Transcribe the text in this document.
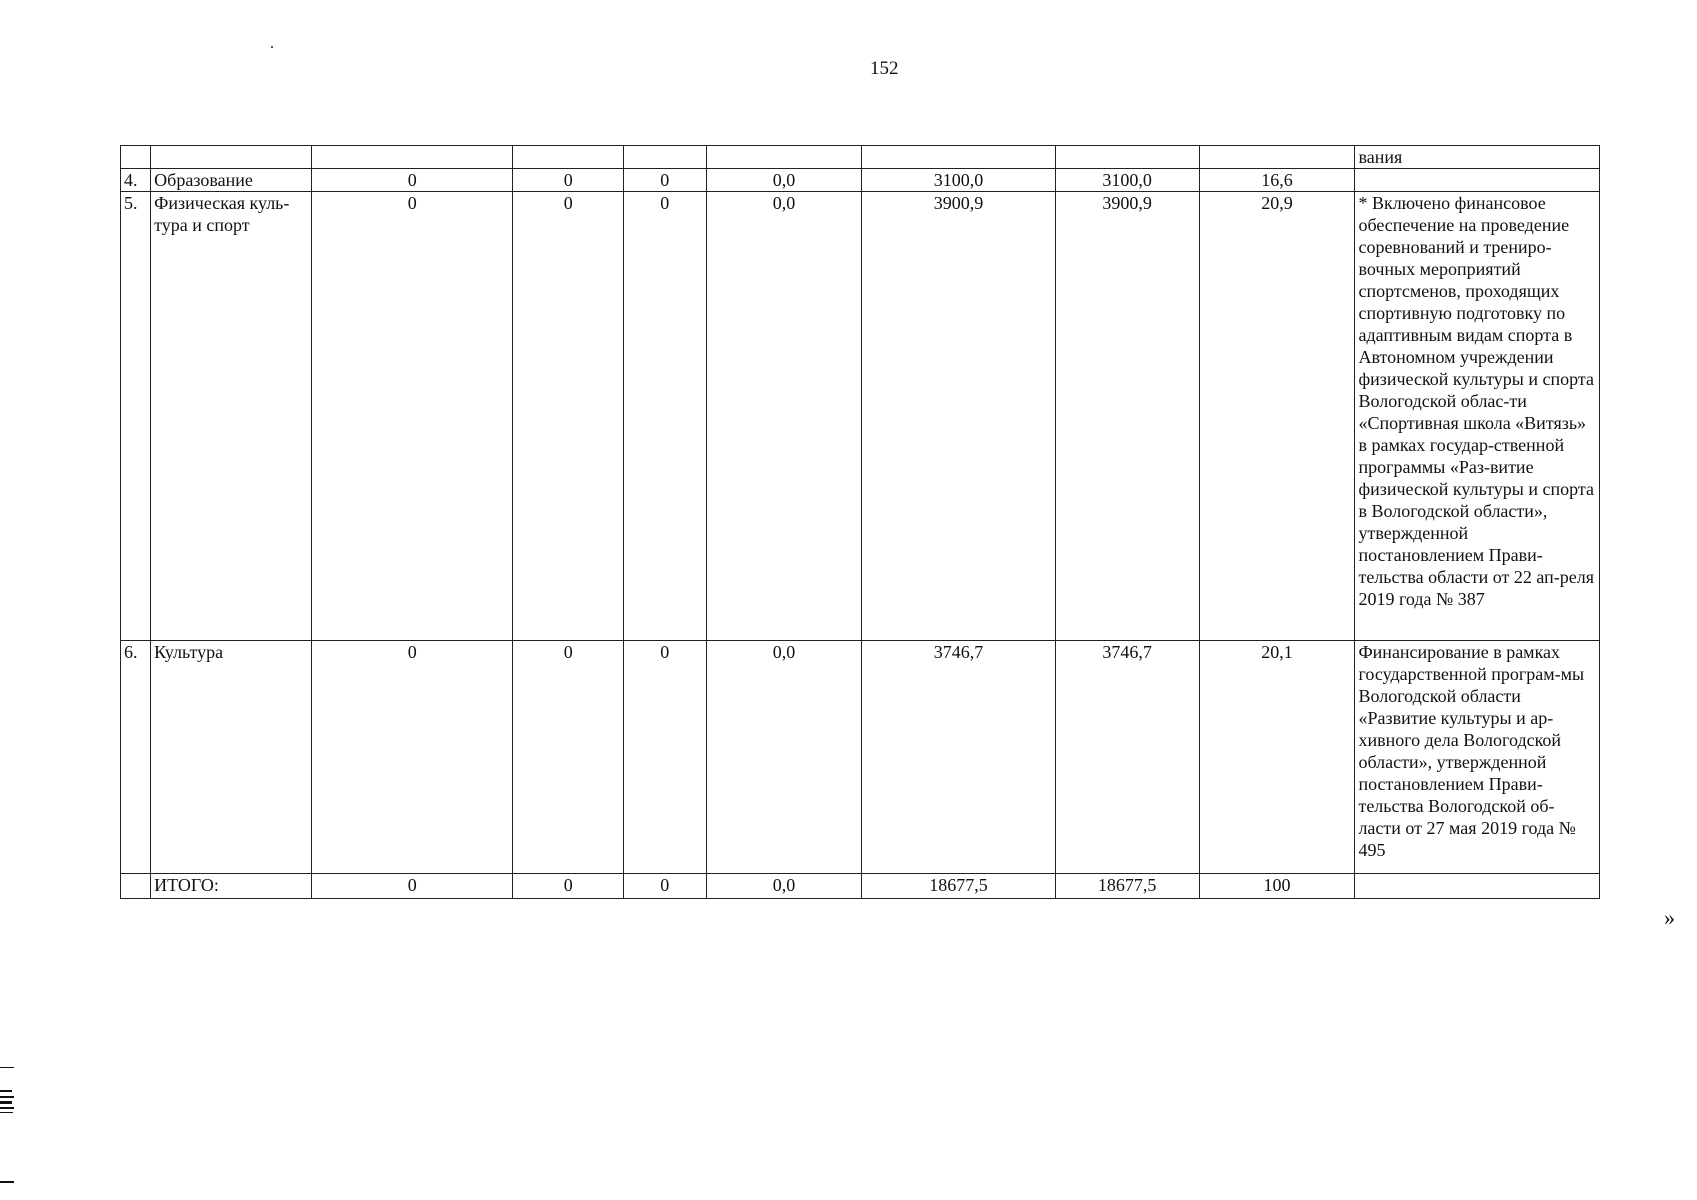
152
									вания
4.	Образование	0	0	0	0,0	3100,0	3100,0	16,6	
5.	Физическая куль-тура и спорт	0	0	0	0,0	3900,9	3900,9	20,9	* Включено финансовое обеспечение на проведение соревнований и трениро-вочных мероприятий спортсменов, проходящих спортивную подготовку по адаптивным видам спорта в Автономном учреждении физической культуры и спорта Вологодской облас-ти «Спортивная школа «Витязь» в рамках государ-ственной программы «Раз-витие физической культуры и спорта в Вологодской области», утвержденной постановлением Прави-тельства области от 22 ап-реля 2019 года № 387
6.	Культура	0	0	0	0,0	3746,7	3746,7	20,1	Финансирование в рамках государственной програм-мы Вологодской области «Развитие культуры и ар-хивного дела Вологодской области», утвержденной постановлением Прави-тельства Вологодской об-ласти от 27 мая 2019 года № 495
	ИТОГО:	0	0	0	0,0	18677,5	18677,5	100	
»
